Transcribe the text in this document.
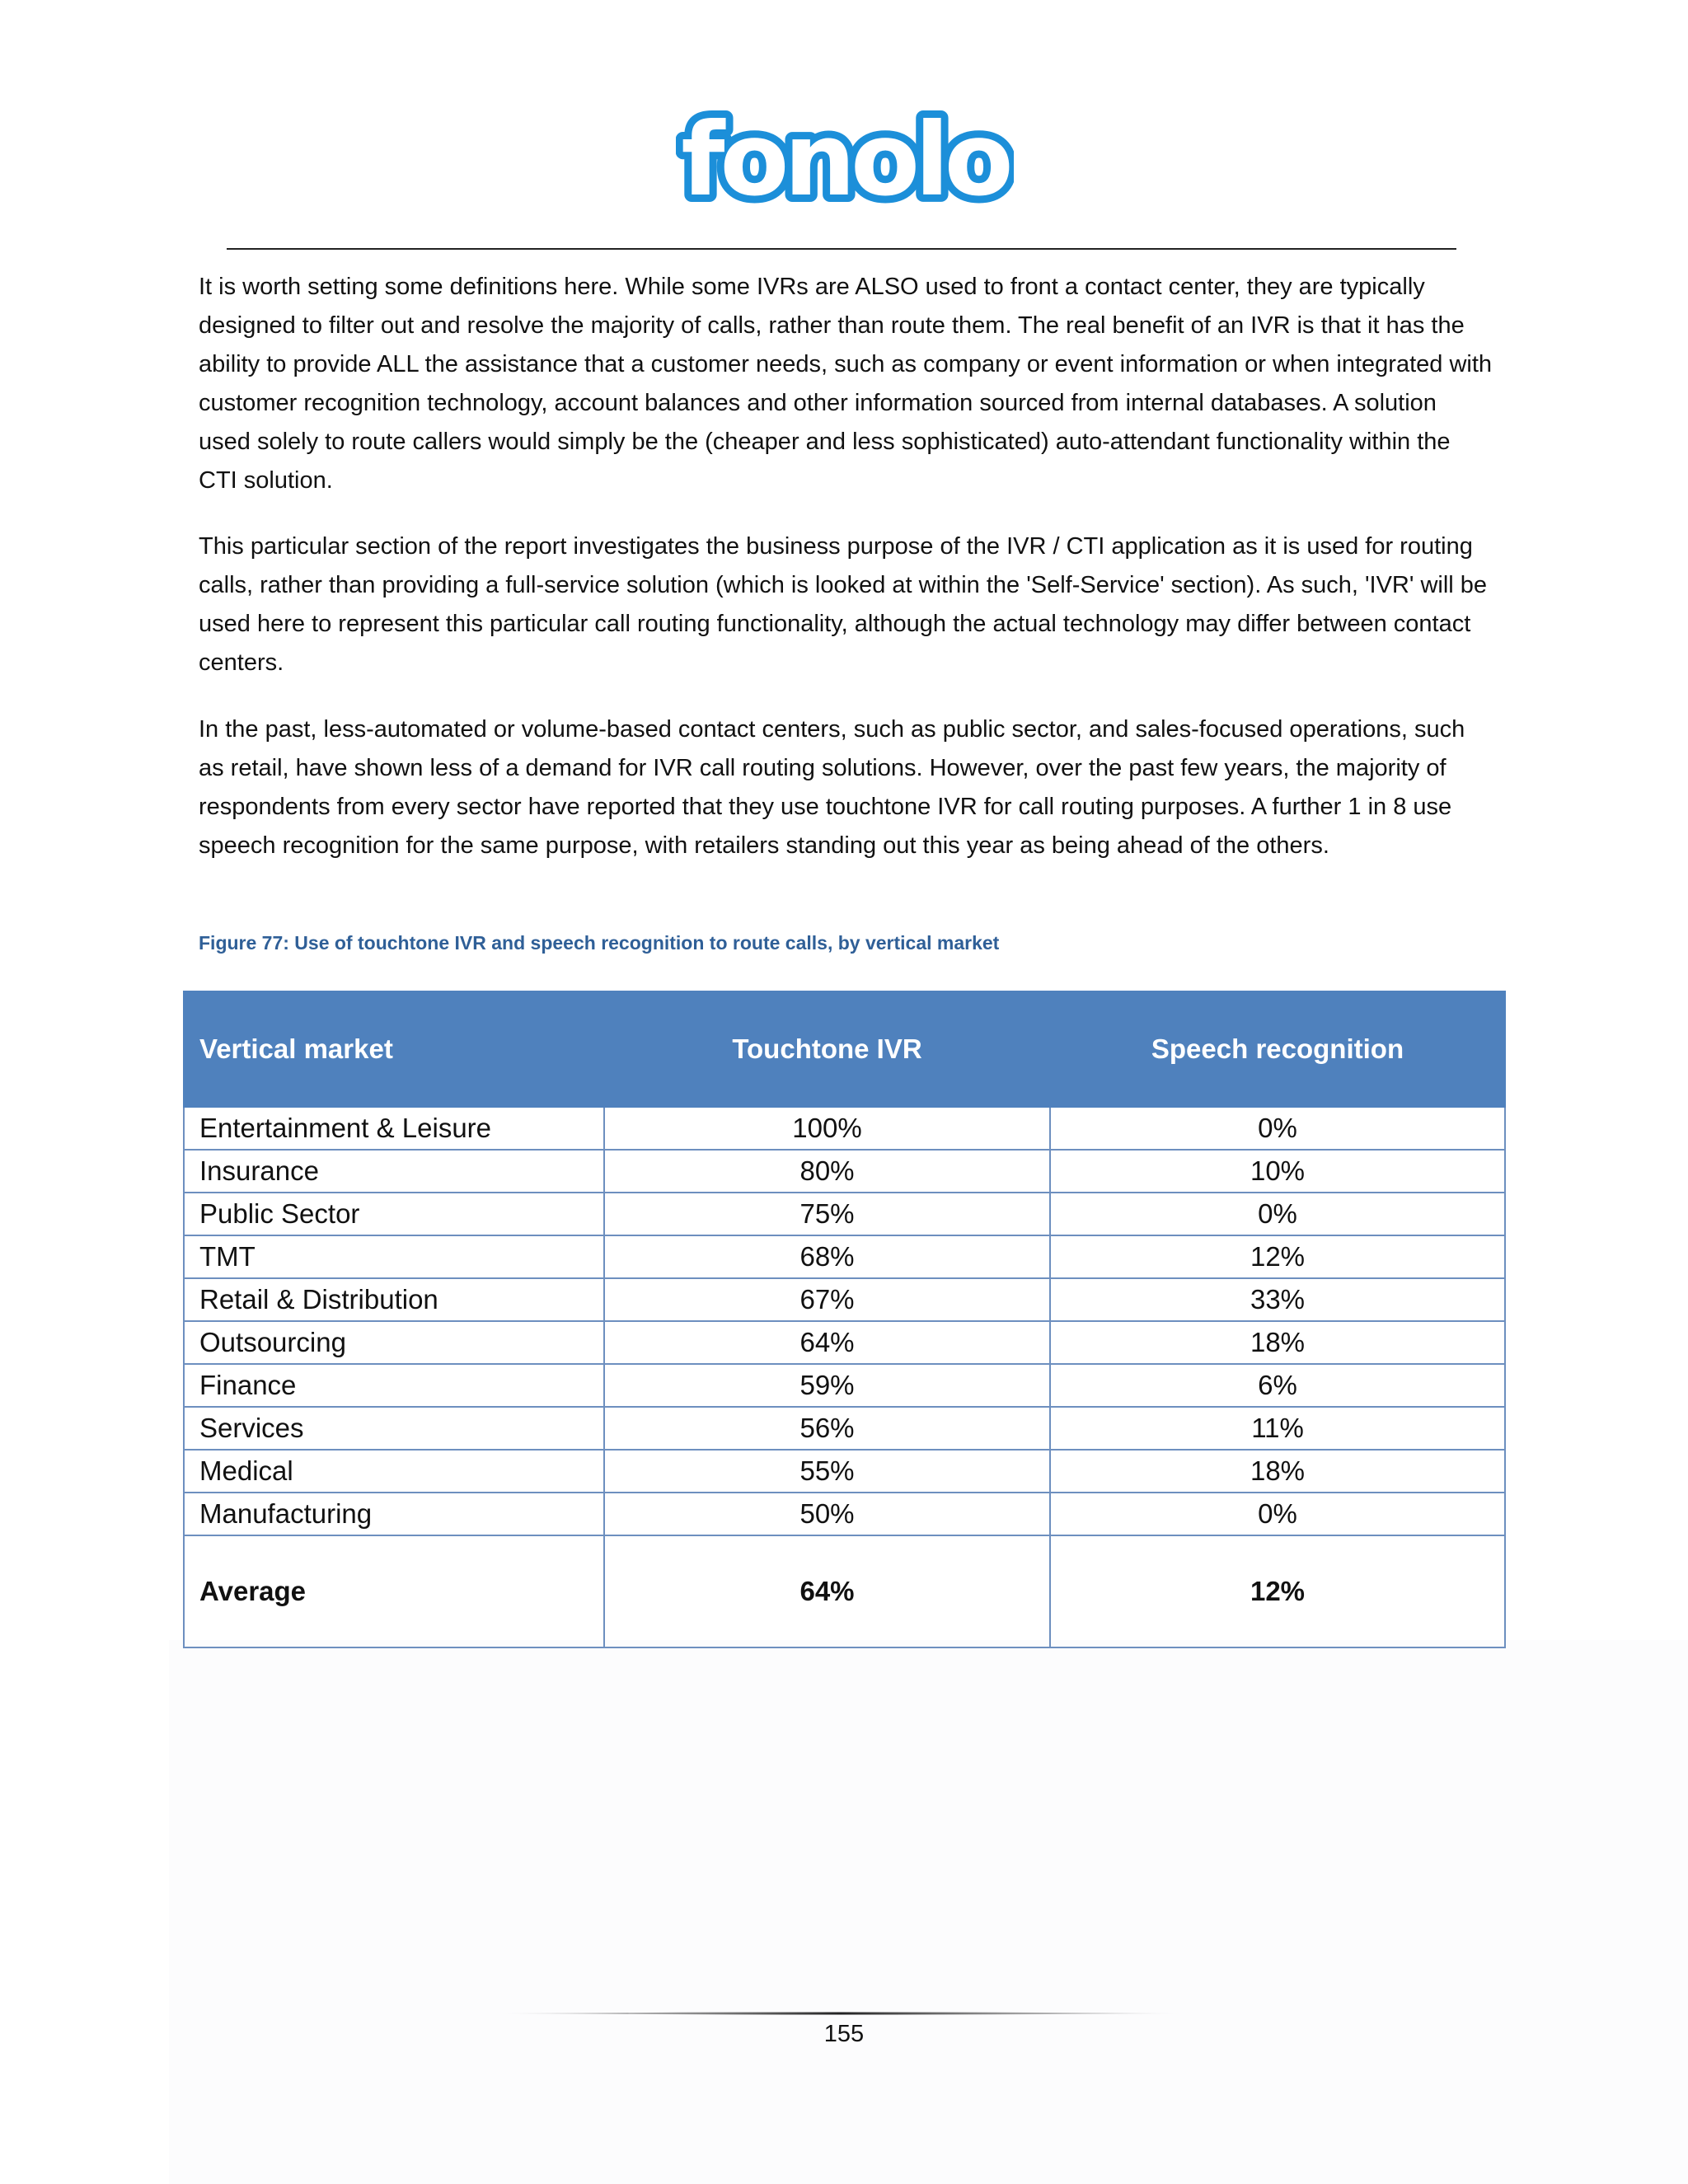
fonolo

It is worth setting some definitions here. While some IVRs are ALSO used to front a contact center, they are typically designed to filter out and resolve the majority of calls, rather than route them. The real benefit of an IVR is that it has the ability to provide ALL the assistance that a customer needs, such as company or event information or when integrated with customer recognition technology, account balances and other information sourced from internal databases. A solution used solely to route callers would simply be the (cheaper and less sophisticated) auto-attendant functionality within the CTI solution.

This particular section of the report investigates the business purpose of the IVR / CTI application as it is used for routing calls, rather than providing a full-service solution (which is looked at within the 'Self-Service' section). As such, 'IVR' will be used here to represent this particular call routing functionality, although the actual technology may differ between contact centers.

In the past, less-automated or volume-based contact centers, such as public sector, and sales-focused operations, such as retail, have shown less of a demand for IVR call routing solutions. However, over the past few years, the majority of respondents from every sector have reported that they use touchtone IVR for call routing purposes. A further 1 in 8 use speech recognition for the same purpose, with retailers standing out this year as being ahead of the others.

Figure 77: Use of touchtone IVR and speech recognition to route calls, by vertical market
Vertical market	Touchtone IVR	Speech recognition
Entertainment & Leisure	100%	0%
Insurance	80%	10%
Public Sector	75%	0%
TMT	68%	12%
Retail & Distribution	67%	33%
Outsourcing	64%	18%
Finance	59%	6%
Services	56%	11%
Medical	55%	18%
Manufacturing	50%	0%
Average	64%	12%
155
